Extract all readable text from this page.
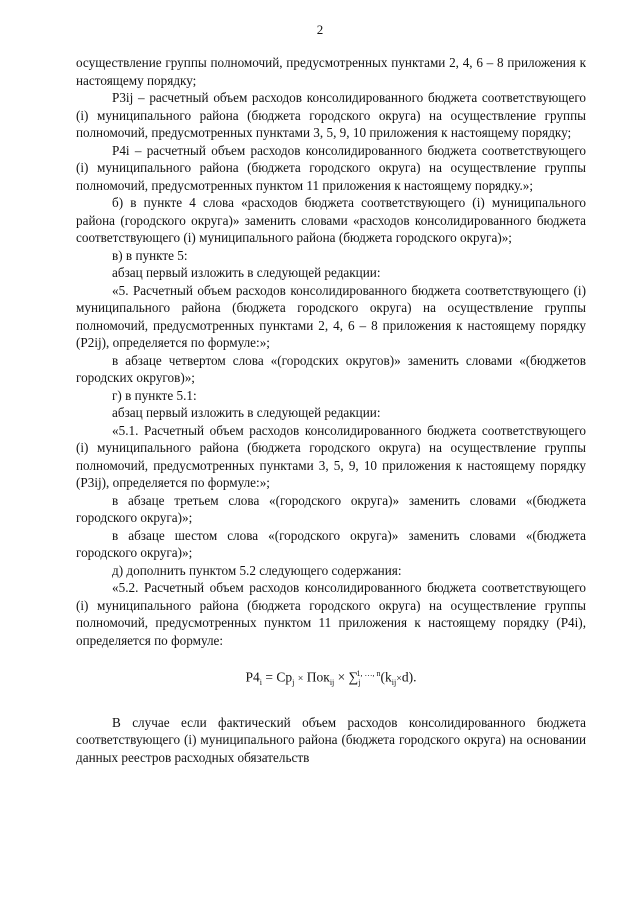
2

осуществление группы полномочий, предусмотренных пунктами 2, 4, 6 – 8 приложения к настоящему порядку;

Р3ij – расчетный объем расходов консолидированного бюджета соответствующего (i) муниципального района (бюджета городского округа) на осуществление группы полномочий, предусмотренных пунктами 3, 5, 9, 10 приложения к настоящему порядку;

Р4i – расчетный объем расходов консолидированного бюджета соответствующего (i) муниципального района (бюджета городского округа) на осуществление группы полномочий, предусмотренных пунктом 11 приложения к настоящему порядку.»;

б) в пункте 4 слова «расходов бюджета соответствующего (i) муниципального района (городского округа)» заменить словами «расходов консолидированного бюджета соответствующего (i) муниципального района (бюджета городского округа)»;

в) в пункте 5:

абзац первый изложить в следующей редакции:

«5. Расчетный объем расходов консолидированного бюджета соответствующего (i) муниципального района (бюджета городского округа) на осуществление группы полномочий, предусмотренных пунктами 2, 4, 6 – 8 приложения к настоящему порядку (Р2ij), определяется по формуле:»;

в абзаце четвертом слова «(городских округов)» заменить словами «(бюджетов городских округов)»;

г) в пункте 5.1:

абзац первый изложить в следующей редакции:

«5.1. Расчетный объем расходов консолидированного бюджета соответствующего (i) муниципального района (бюджета городского округа) на осуществление группы полномочий, предусмотренных пунктами 3, 5, 9, 10 приложения к настоящему порядку (Р3ij), определяется по формуле:»;

в абзаце третьем слова «(городского округа)» заменить словами «(бюджета городского округа)»;

в абзаце шестом слова «(городского округа)» заменить словами «(бюджета городского округа)»;

д) дополнить пунктом 5.2 следующего содержания:

«5.2. Расчетный объем расходов консолидированного бюджета соответствующего (i) муниципального района (бюджета городского округа) на осуществление группы полномочий, предусмотренных пунктом 11 приложения к настоящему порядку (Р4i), определяется по формуле:

$Р4_i = Ср_j \times Пок_{ij} \times \sum_j^{1, \dots, n}(k_{ij}\times d)$.

В случае если фактический объем расходов консолидированного бюджета соответствующего (i) муниципального района (бюджета городского округа) на основании данных реестров расходных обязательств
